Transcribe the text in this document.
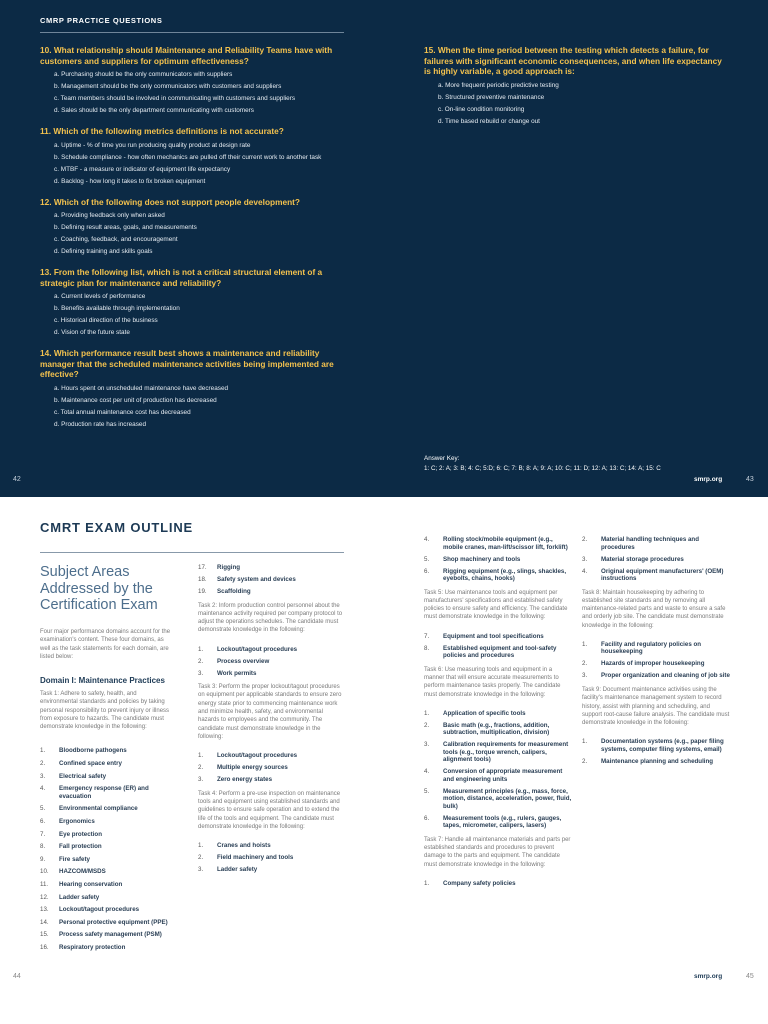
CMRP PRACTICE QUESTIONS
10. What relationship should Maintenance and Reliability Teams have with customers and suppliers for optimum effectiveness?
a. Purchasing should be the only communicators with suppliers
b. Management should be the only communicators with customers and suppliers
c. Team members should be involved in communicating with customers and suppliers
d. Sales should be the only department communicating with customers
11. Which of the following metrics definitions is not accurate?
a. Uptime - % of time you run producing quality product at design rate
b. Schedule compliance - how often mechanics are pulled off their current work to another task
c. MTBF - a measure or indicator of equipment life expectancy
d. Backlog - how long it takes to fix broken equipment
12. Which of the following does not support people development?
a. Providing feedback only when asked
b. Defining result areas, goals, and measurements
c. Coaching, feedback, and encouragement
d. Defining training and skills goals
13. From the following list, which is not a critical structural element of a strategic plan for maintenance and reliability?
a. Current levels of performance
b. Benefits available through implementation
c. Historical direction of the business
d. Vision of the future state
14. Which performance result best shows a maintenance and reliability manager that the scheduled maintenance activities being implemented are effective?
a. Hours spent on unscheduled maintenance have decreased
b. Maintenance cost per unit of production has decreased
c. Total annual maintenance cost has decreased
d. Production rate has increased
15. When the time period between the testing which detects a failure, for failures with significant economic consequences, and when life expectancy is highly variable, a good approach is:
a. More frequent periodic predictive testing
b. Structured preventive maintenance
c. On-line condition monitoring
d. Time based rebuild or change out
Answer Key:
1: C; 2: A; 3: B; 4: C; 5:D; 6: C; 7: B; 8: A; 9: A; 10: C; 11: D; 12: A; 13: C; 14: A; 15: C
42	smrp.org	43
CMRT EXAM OUTLINE
Subject Areas Addressed by the Certification Exam
Four major performance domains account for the examination's content. These four domains, as well as the task statements for each domain, are listed below:
Domain I: Maintenance Practices
Task 1: Adhere to safety, health, and environmental standards and policies by taking personal responsibility to prevent injury or illness from exposure to hazards. The candidate must demonstrate knowledge in the following:
1. Bloodborne pathogens
2. Confined space entry
3. Electrical safety
4. Emergency response (ER) and evacuation
5. Environmental compliance
6. Ergonomics
7. Eye protection
8. Fall protection
9. Fire safety
10. HAZCOM/MSDS
11. Hearing conservation
12. Ladder safety
13. Lockout/tagout procedures
14. Personal protective equipment (PPE)
15. Process safety management (PSM)
16. Respiratory protection
17. Rigging
18. Safety system and devices
19. Scaffolding
Task 2: Inform production control personnel about the maintenance activity required per company protocol to adjust the operations schedules. The candidate must demonstrate knowledge in the following:
1. Lockout/tagout procedures
2. Process overview
3. Work permits
Task 3: Perform the proper lockout/tagout procedures on equipment per applicable standards to ensure zero energy state prior to commencing maintenance work and minimize health, safety, and environmental hazards to employees and the community. The candidate must demonstrate knowledge in the following:
1. Lockout/tagout procedures
2. Multiple energy sources
3. Zero energy states
Task 4: Perform a pre-use inspection on maintenance tools and equipment using established standards and guidelines to ensure safe operation and to extend the life of the tools and equipment. The candidate must demonstrate knowledge in the following:
1. Cranes and hoists
2. Field machinery and tools
3. Ladder safety
4. Rolling stock/mobile equipment (e.g., mobile cranes, man-lift/scissor lift, forklift)
5. Shop machinery and tools
6. Rigging equipment (e.g., slings, shackles, eyebolts, chains, hooks)
Task 5: Use maintenance tools and equipment per manufacturers' specifications and established safety policies to ensure safety and efficiency. The candidate must demonstrate knowledge in the following:
7. Equipment and tool specifications
8. Established equipment and tool-safety policies and procedures
Task 6: Use measuring tools and equipment in a manner that will ensure accurate measurements to perform maintenance tasks properly. The candidate must demonstrate knowledge in the following:
1. Application of specific tools
2. Basic math (e.g., fractions, addition, subtraction, multiplication, division)
3. Calibration requirements for measurement tools (e.g., torque wrench, calipers, alignment tools)
4. Conversion of appropriate measurement and engineering units
5. Measurement principles (e.g., mass, force, motion, distance, acceleration, power, fluid, bulk)
6. Measurement tools (e.g., rulers, gauges, tapes, micrometer, calipers, lasers)
Task 7: Handle all maintenance materials and parts per established standards and procedures to prevent damage to the parts and equipment. The candidate must demonstrate knowledge in the following:
1. Company safety policies
2. Material handling techniques and procedures
3. Material storage procedures
4. Original equipment manufacturers' (OEM) instructions
Task 8: Maintain housekeeping by adhering to established site standards and by removing all maintenance-related parts and waste to ensure a safe and orderly job site. The candidate must demonstrate knowledge in the following:
1. Facility and regulatory policies on housekeeping
2. Hazards of improper housekeeping
3. Proper organization and cleaning of job site
Task 9: Document maintenance activities using the facility's maintenance management system to record history, assist with planning and scheduling, and support root-cause failure analysis. The candidate must demonstrate knowledge in the following:
1. Documentation systems (e.g., paper filing systems, computer filing systems, email)
2. Maintenance planning and scheduling
44	smrp.org	45
